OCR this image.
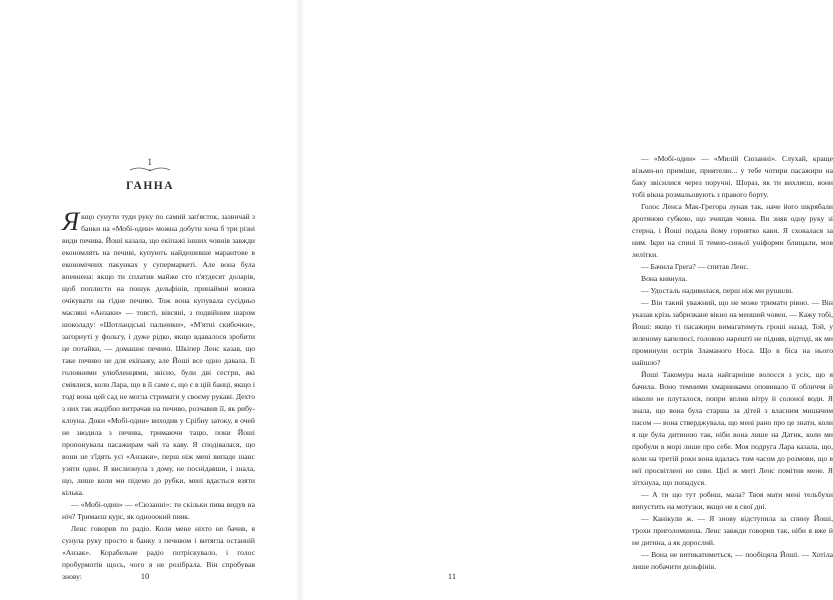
1
ГАННА

Якщо сунути туди руку по самий зап'ясток, зазвичай з банки на «Мобі-один» можна добути хоча б три різні види печива. Йоші казала, що екіпажі інших човнів завжди економлять на печиві, купують найдешевше марантове в економічних пакунках у супермаркеті. Але вона була впевнена: якщо ти сплатив майже сто п'ятдесят доларів, щоб поплисти на пошук дельфінів, принаймні можна очікувати на гідне печиво. Тож вона купувала сусідньо масляні «Анзаки» — товсті, вівсяні, з подвійним шаром шоколаду: «Шотландські пальчики», «М'ятні скибочки», загорнуті у фольгу, і дуже рідко, якщо вдавалося зробити це потайки, — домашнє печиво. Шкіпер Ленс казав, що таке печиво не для екіпажу, але Йоші все одно давала. Її головними улюбленцями, звісно, були дві сестри, які сміялися, коли Лара, що в її саме є, що є в цій банці, якщо і тоді вона цей сад не могла стримати у своєму рукаві. Дехто з них так жадібно витрачав на печиво, розчавив її, як рибу-клоуна. Доки «Мобі-один» виходив у Срібну затоку, я очей не зводила з печива, тримаючи тацю, поки Йоші пропонувала пасажирам чай та каву. Я сподівалася, що вони не з'їдять усі «Анзаки», перш ніж мені випаде шанс узяти один. Я вислизнула з дому, не поснідавши, і знала, що, лише коли ми підемо до рубки, мені вдасться взяти кілька.

— «Мобі-один» — «Сюзанні»: ти скільки пива видув на ніч? Тримаєш курс, як однооокий пияк.

Ленс говорив по радіо. Коли мене ніхто не бачив, я сунула руку просто в банку з печивом і витягла останній «Анзак». Корабельне радіо потріскувало, і голос пробурмотів щось, чого я не розібрала. Він спробував знову:	10

— «Мобі-один» — «Милій Сюзанні». Слухай, краще візьми-но приміше, приятелю... у тебе чотири пасажири на баку звісилися через поручні. Шораз, як ти вихляєш, вони тобі вікна розмальовують з правого борту.

Голос Ленса Мак-Грегора лунав так, наче його шкрябали дротяною губкою, що зчищав човна. Ви зняв одну руку зі стерна, і Йоші подала йому горнятко кави. Я сховалася за ним. Ікри на спині її темно-синьої уніформи блищали, мов лелітки.

— Бачила Грега? — спитав Ленс.

Вона кивнула.

— Удосталь надивилася, перш ніж ми рушили.

— Він такий уважний, що не може тримати рівно. — Він указав крізь забризкане вікно на менший човен. — Кажу тобі, Йоші: якщо ті пасажири вимагатимуть гроші назад. Той, у зеленому капелюсі, головою нарешті не підняв, відтоді, як ми проминули острів Зламаного Носа. Що в біса на нього найшло?

Йоші Такомура мала найгарніше волосся з усіх, що я бачила. Воно темними хмаринками оповивало її обличчя й ніколи не плуталося, попри вплив вітру й солоної води. Я знала, що вона була старша за дітей з власним мишачим пасом — вона стверджувала, що мені рано про це знати, коли я ще була дитиною так, ніби вона лише на Датик, коли ми пробули в морі лише про себе. Моя подруга Лара казала, що, коли на третій роки вона вдалась тим часом до розмови, що в неї просвітлені не сиве. Цієї ж миті Ленс помітив мене. Я зітхнула, що попадуся.

— А ти що тут робиш, мала? Твоя мати мені тельбухи випустить на мотузки, якщо не в свої дні.

— Канікули ж. — Я знову відступила за спину Йоші, трохи приголомшена. Ленс завжди говорив так, ніби я вже й не дитина, а як дорослий.

— Вона не витикатиметься, — пообіцяла Йоші. — Хотіла лише побачити дельфінів.

11
